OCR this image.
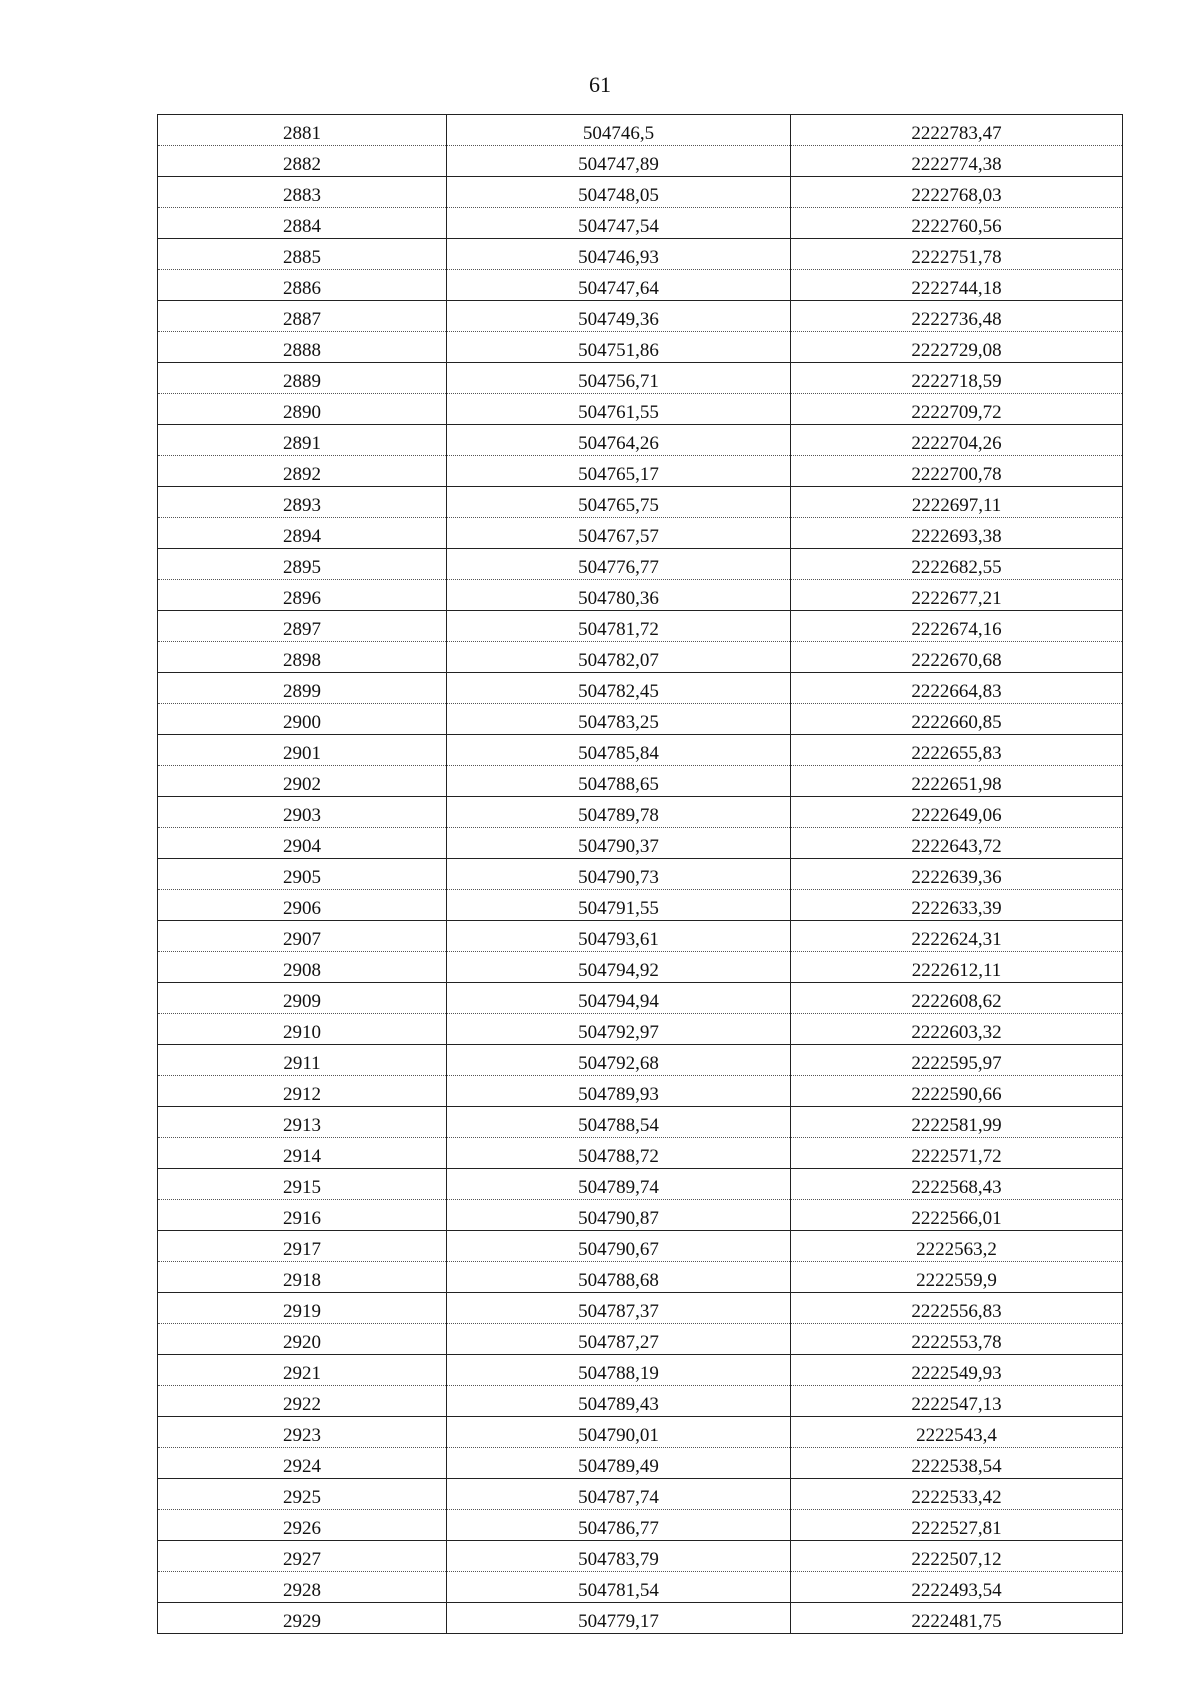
61
2881	504746,5	2222783,47
2882	504747,89	2222774,38
2883	504748,05	2222768,03
2884	504747,54	2222760,56
2885	504746,93	2222751,78
2886	504747,64	2222744,18
2887	504749,36	2222736,48
2888	504751,86	2222729,08
2889	504756,71	2222718,59
2890	504761,55	2222709,72
2891	504764,26	2222704,26
2892	504765,17	2222700,78
2893	504765,75	2222697,11
2894	504767,57	2222693,38
2895	504776,77	2222682,55
2896	504780,36	2222677,21
2897	504781,72	2222674,16
2898	504782,07	2222670,68
2899	504782,45	2222664,83
2900	504783,25	2222660,85
2901	504785,84	2222655,83
2902	504788,65	2222651,98
2903	504789,78	2222649,06
2904	504790,37	2222643,72
2905	504790,73	2222639,36
2906	504791,55	2222633,39
2907	504793,61	2222624,31
2908	504794,92	2222612,11
2909	504794,94	2222608,62
2910	504792,97	2222603,32
2911	504792,68	2222595,97
2912	504789,93	2222590,66
2913	504788,54	2222581,99
2914	504788,72	2222571,72
2915	504789,74	2222568,43
2916	504790,87	2222566,01
2917	504790,67	2222563,2
2918	504788,68	2222559,9
2919	504787,37	2222556,83
2920	504787,27	2222553,78
2921	504788,19	2222549,93
2922	504789,43	2222547,13
2923	504790,01	2222543,4
2924	504789,49	2222538,54
2925	504787,74	2222533,42
2926	504786,77	2222527,81
2927	504783,79	2222507,12
2928	504781,54	2222493,54
2929	504779,17	2222481,75
